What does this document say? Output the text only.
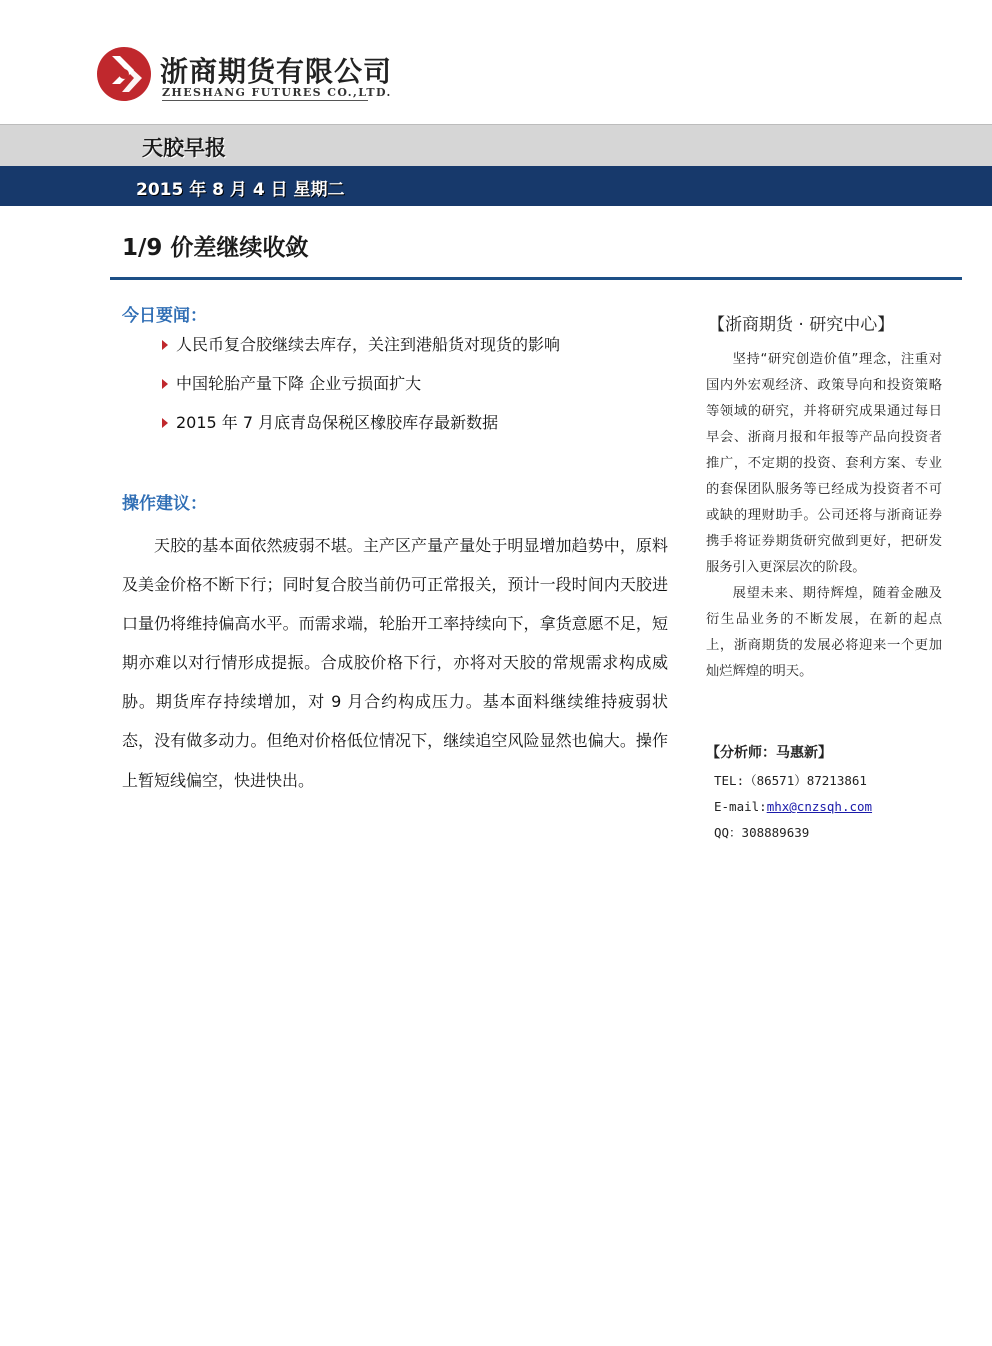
浙商期货有限公司
ZHESHANG FUTURES CO.,LTD.
天胶早报
2015 年 8 月 4 日 星期二
1/9 价差继续收敛
今日要闻：
人民币复合胶继续去库存，关注到港船货对现货的影响
中国轮胎产量下降 企业亏损面扩大
2015 年 7 月底青岛保税区橡胶库存最新数据
操作建议：

天胶的基本面依然疲弱不堪。主产区产量产量处于明显增加趋势中，原料及美金价格不断下行；同时复合胶当前仍可正常报关，预计一段时间内天胶进口量仍将维持偏高水平。而需求端，轮胎开工率持续向下，拿货意愿不足，短期亦难以对行情形成提振。合成胶价格下行，亦将对天胶的常规需求构成威胁。期货库存持续增加，对 9 月合约构成压力。基本面料继续维持疲弱状态，没有做多动力。但绝对价格低位情况下，继续追空风险显然也偏大。操作上暂短线偏空，快进快出。

【浙商期货 · 研究中心】

坚持“研究创造价值”理念，注重对国内外宏观经济、政策导向和投资策略等领域的研究，并将研究成果通过每日早会、浙商月报和年报等产品向投资者推广，不定期的投资、套利方案、专业的套保团队服务等已经成为投资者不可或缺的理财助手。公司还将与浙商证券携手将证券期货研究做到更好，把研发服务引入更深层次的阶段。

展望未来、期待辉煌，随着金融及衍生品业务的不断发展，在新的起点上，浙商期货的发展必将迎来一个更加灿烂辉煌的明天。

【分析师：马惠新】
TEL:（86571）87213861
E-mail:mhx@cnzsqh.com
QQ：308889639
